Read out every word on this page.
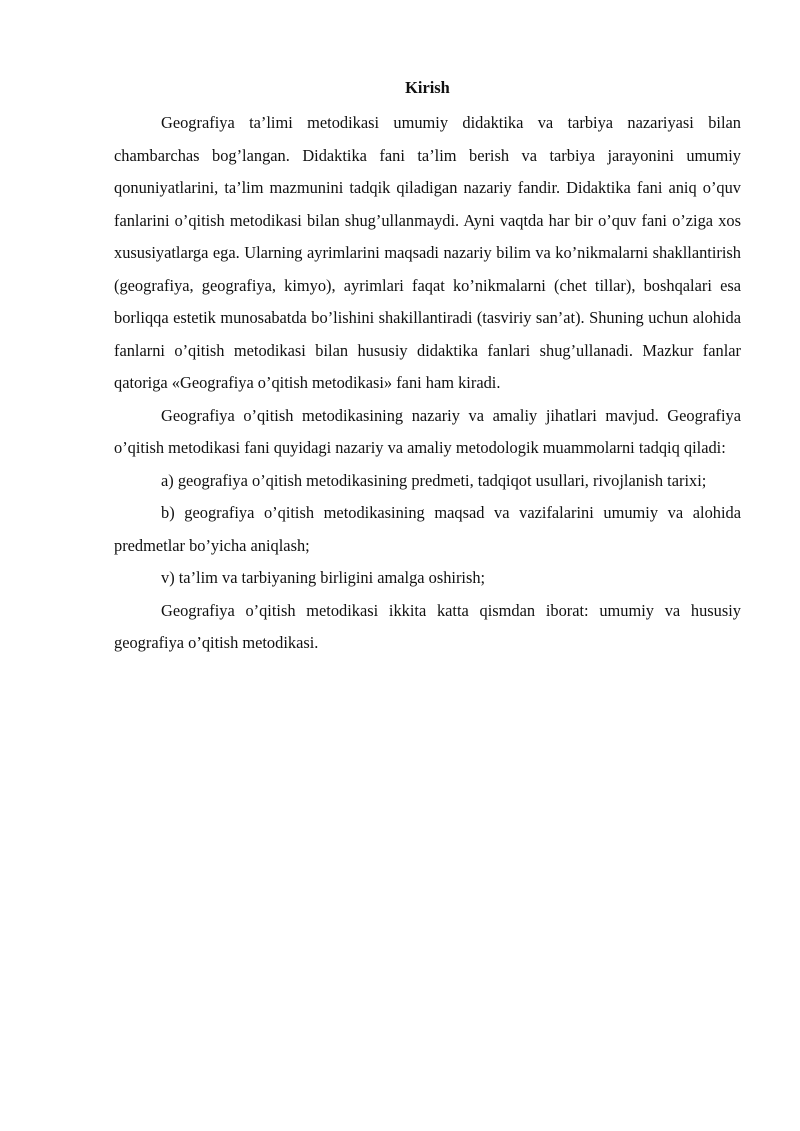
Kirish

Geografiya ta’limi metodikasi umumiy didaktika va tarbiya nazariyasi bilan chambarchas bog’langan. Didaktika fani ta’lim berish va tarbiya jarayonini umumiy qonuniyatlarini, ta’lim mazmunini tadqik qiladigan nazariy fandir. Didaktika fani aniq o’quv fanlarini o’qitish metodikasi bilan shug’ullanmaydi. Ayni vaqtda har bir o’quv fani o’ziga xos xususiyatlarga ega. Ularning ayrimlarini maqsadi nazariy bilim va ko’nikmalarni shakllantirish (geografiya, geografiya, kimyo), ayrimlari faqat ko’nikmalarni (chet tillar), boshqalari esa borliqqa estetik munosabatda bo’lishini shakillantiradi (tasviriy san’at). Shuning uchun alohida fanlarni o’qitish metodikasi bilan hususiy didaktika fanlari shug’ullanadi. Mazkur fanlar qatoriga «Geografiya o’qitish metodikasi» fani ham kiradi.

Geografiya o’qitish metodikasining nazariy va amaliy jihatlari mavjud. Geografiya o’qitish metodikasi fani quyidagi nazariy va amaliy metodologik muammolarni tadqiq qiladi:

a) geografiya o’qitish metodikasining predmeti, tadqiqot usullari, rivojlanish tarixi;

b) geografiya o’qitish metodikasining maqsad va vazifalarini umumiy va alohida predmetlar bo’yicha aniqlash;

v) ta’lim va tarbiyaning birligini amalga oshirish;

Geografiya o’qitish metodikasi ikkita katta qismdan iborat: umumiy va hususiy geografiya o’qitish metodikasi.
